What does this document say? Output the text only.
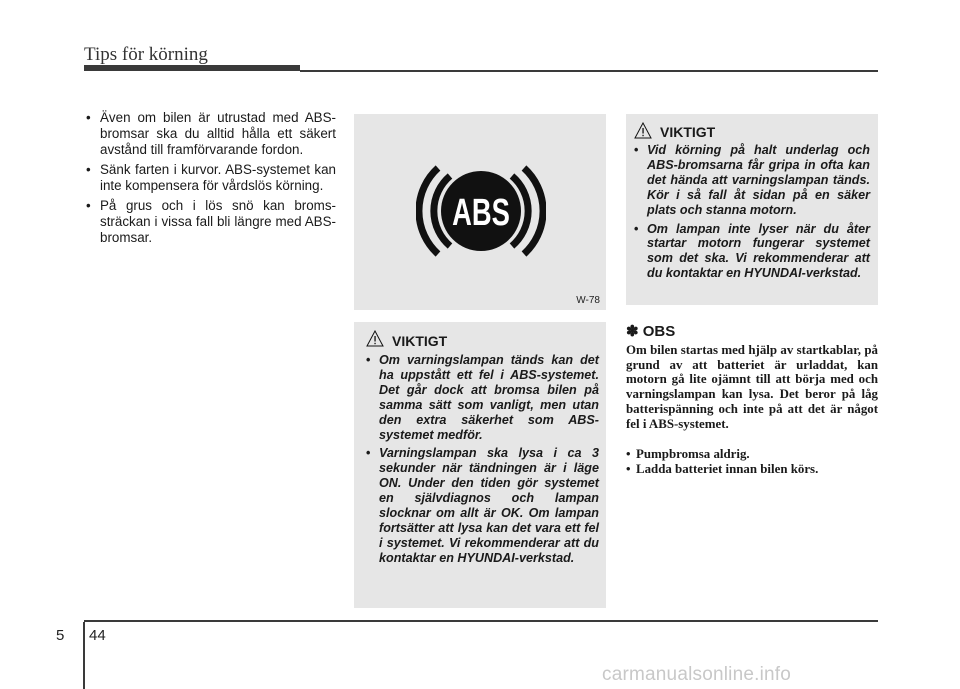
Tips för körning
• Även om bilen är utrustad med ABS-bromsar ska du alltid hålla ett säkert avstånd till framförvarande fordon.
• Sänk farten i kurvor. ABS-systemet kan inte kompensera för vårdslös körning.
• På grus och i lös snö kan broms-sträckan i vissa fall bli längre med ABS-bromsar.
ABS
W-78
VIKTIGT
• Vid körning på halt underlag och ABS-bromsarna får gripa in ofta kan det hända att varningslampan tänds. Kör i så fall åt sidan på en säker plats och stanna motorn.
• Om lampan inte lyser när du åter startar motorn fungerar systemet som det ska. Vi rekommenderar att du kontaktar en HYUNDAI-verkstad.
VIKTIGT
• Om varningslampan tänds kan det ha uppstått ett fel i ABS-systemet. Det går dock att bromsa bilen på samma sätt som vanligt, men utan den extra säkerhet som ABS-systemet medför.
• Varningslampan ska lysa i ca 3 sekunder när tändningen är i läge ON. Under den tiden gör systemet en självdiagnos och lampan slocknar om allt är OK. Om lampan fortsätter att lysa kan det vara ett fel i systemet. Vi rekommenderar att du kontaktar en HYUNDAI-verkstad.
✽ OBS
Om bilen startas med hjälp av startkablar, på grund av att batteriet är urladdat, kan motorn gå lite ojämnt till att börja med och varningslampan kan lysa. Det beror på låg batterispänning och inte på att det är något fel i ABS-systemet.
• Pumpbromsa aldrig.
• Ladda batteriet innan bilen körs.
5 44
carmanualsonline.info
